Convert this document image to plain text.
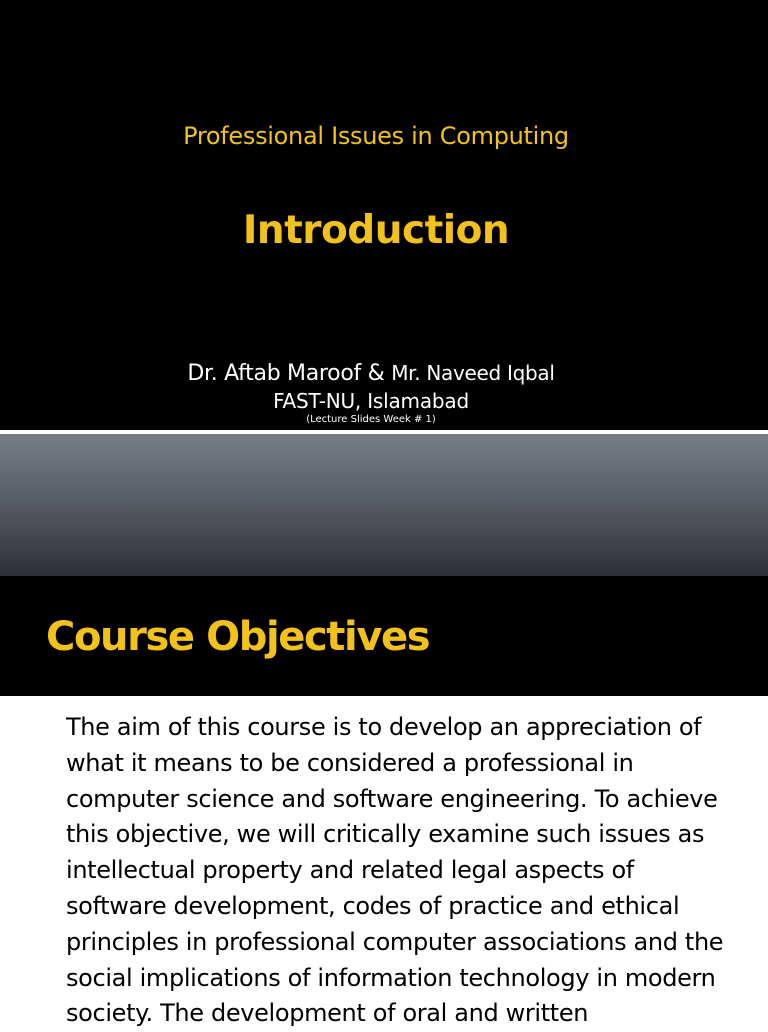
Professional Issues in Computing
Introduction
Dr. Aftab Maroof & Mr. Naveed Iqbal
FAST-NU, Islamabad
(Lecture Slides Week # 1)
Course Objectives

The aim of this course is to develop an appreciation of
what it means to be considered a professional in
computer science and software engineering. To achieve
this objective, we will critically examine such issues as
intellectual property and related legal aspects of
software development, codes of practice and ethical
principles in professional computer associations and the
social implications of information technology in modern
society. The development of oral and written
